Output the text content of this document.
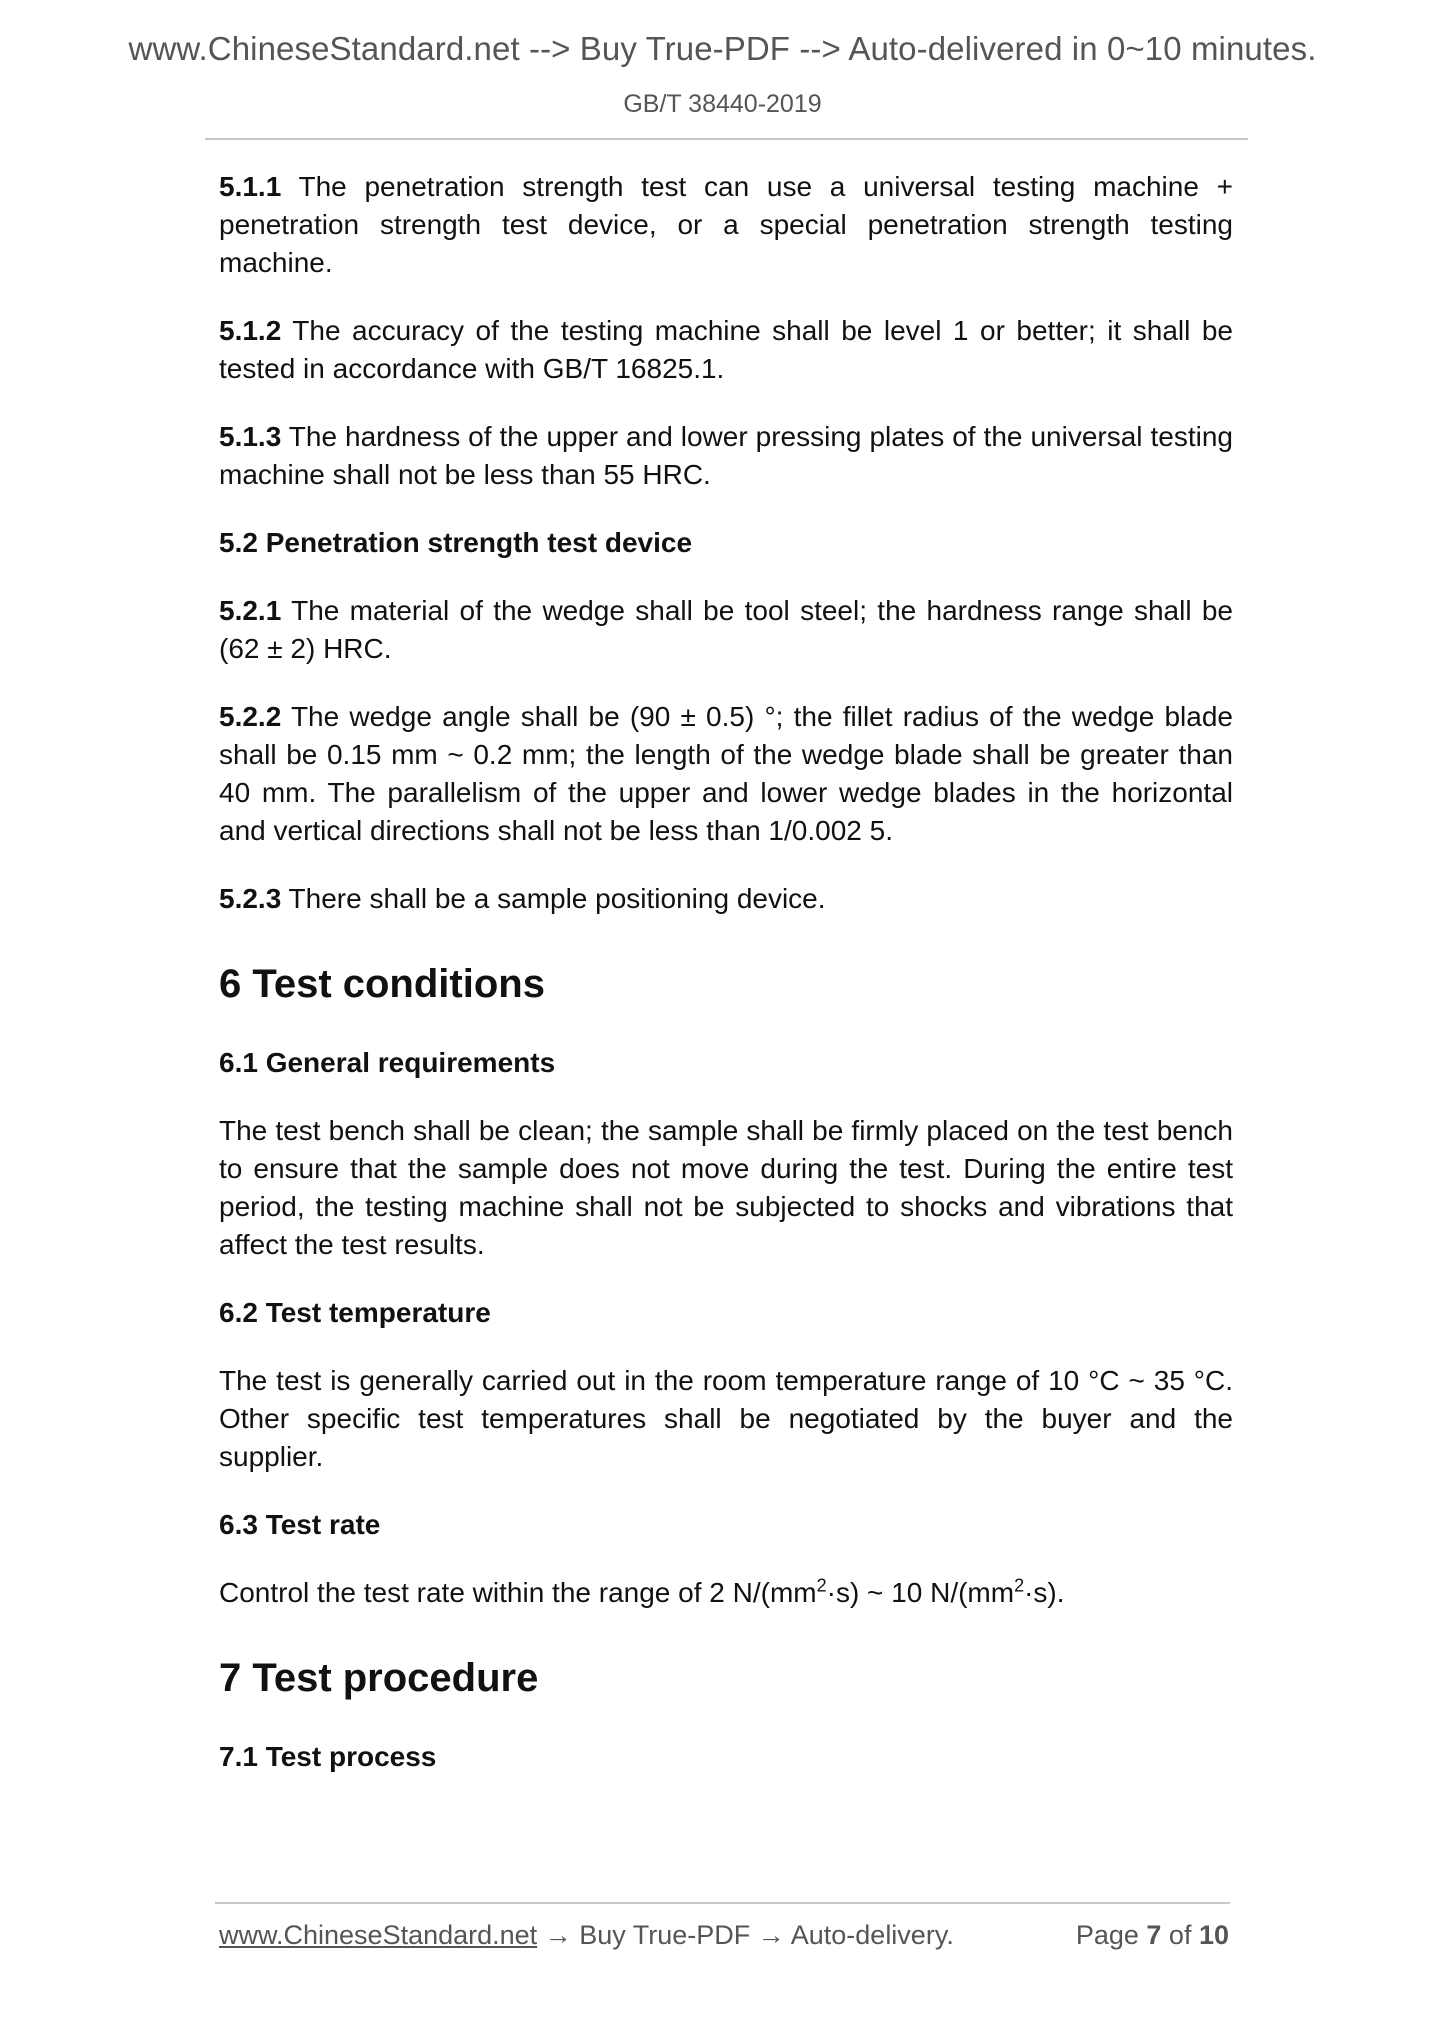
www.ChineseStandard.net --> Buy True-PDF --> Auto-delivered in 0~10 minutes.
GB/T 38440-2019

5.1.1 The penetration strength test can use a universal testing machine + penetration strength test device, or a special penetration strength testing machine.

5.1.2 The accuracy of the testing machine shall be level 1 or better; it shall be tested in accordance with GB/T 16825.1.

5.1.3 The hardness of the upper and lower pressing plates of the universal testing machine shall not be less than 55 HRC.

5.2 Penetration strength test device

5.2.1 The material of the wedge shall be tool steel; the hardness range shall be (62 ± 2) HRC.

5.2.2 The wedge angle shall be (90 ± 0.5) °; the fillet radius of the wedge blade shall be 0.15 mm ~ 0.2 mm; the length of the wedge blade shall be greater than 40 mm. The parallelism of the upper and lower wedge blades in the horizontal and vertical directions shall not be less than 1/0.002 5.

5.2.3 There shall be a sample positioning device.

6 Test conditions
6.1 General requirements

The test bench shall be clean; the sample shall be firmly placed on the test bench to ensure that the sample does not move during the test. During the entire test period, the testing machine shall not be subjected to shocks and vibrations that affect the test results.

6.2 Test temperature

The test is generally carried out in the room temperature range of 10 °C ~ 35 °C. Other specific test temperatures shall be negotiated by the buyer and the supplier.

6.3 Test rate

Control the test rate within the range of 2 $N/(mm^2\cdot s)$ ~ 10 $N/(mm^2\cdot s)$.

7 Test procedure
7.1 Test process
www.ChineseStandard.net → Buy True-PDF → Auto-delivery.	Page 7 of 10
